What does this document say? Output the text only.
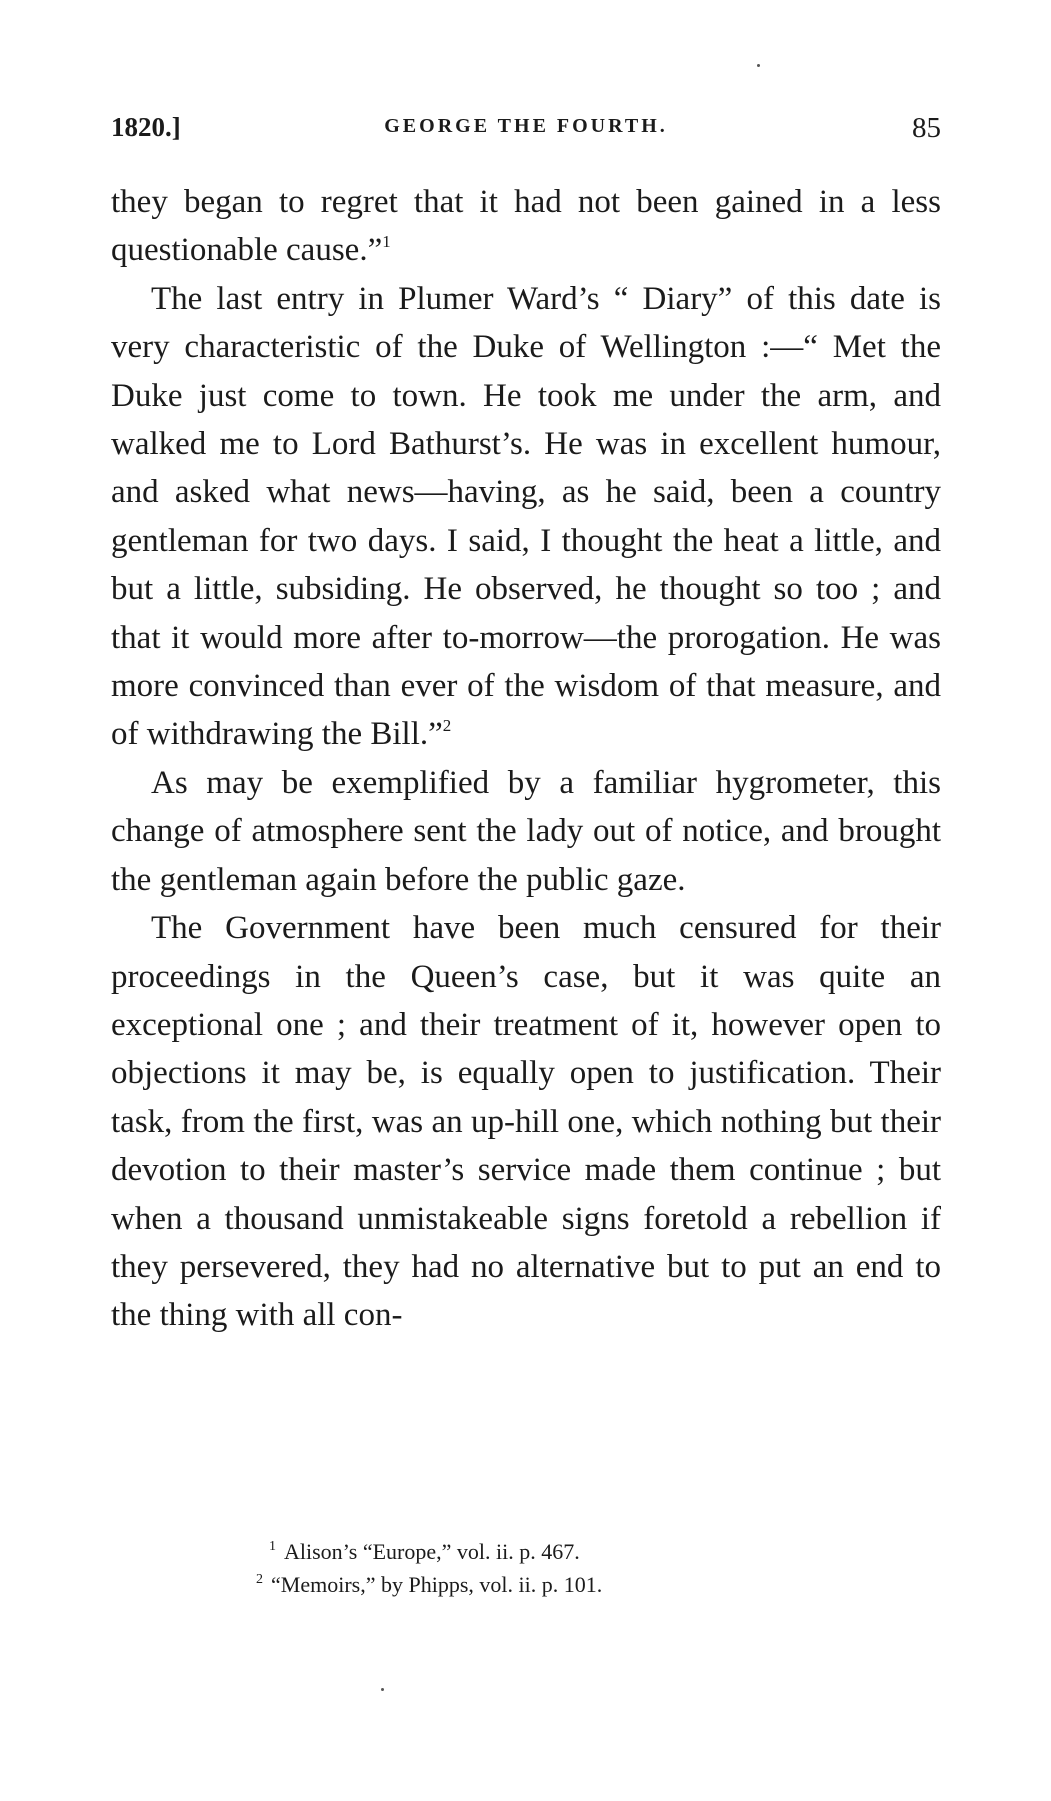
1820.]	GEORGE THE FOURTH.	85

they began to regret that it had not been gained in a less questionable cause.”$^1$

The last entry in Plumer Ward’s “ Diary” of this date is very characteristic of the Duke of Wellington :—“ Met the Duke just come to town. He took me under the arm, and walked me to Lord Bathurst’s. He was in excellent humour, and asked what news—having, as he said, been a country gentleman for two days. I said, I thought the heat a little, and but a little, subsiding. He observed, he thought so too ; and that it would more after to-morrow—the prorogation. He was more convinced than ever of the wisdom of that measure, and of withdrawing the Bill.”$^2$

As may be exemplified by a familiar hygrometer, this change of atmosphere sent the lady out of notice, and brought the gentleman again before the public gaze.

The Government have been much censured for their proceedings in the Queen’s case, but it was quite an exceptional one ; and their treatment of it, however open to objections it may be, is equally open to justification. Their task, from the first, was an up-hill one, which nothing but their devotion to their master’s service made them continue ; but when a thousand unmistakeable signs foretold a rebellion if they persevered, they had no alternative but to put an end to the thing with all con-

$^1$ Alison’s “Europe,” vol. ii. p. 467.
$^2$ “Memoirs,” by Phipps, vol. ii. p. 101.
